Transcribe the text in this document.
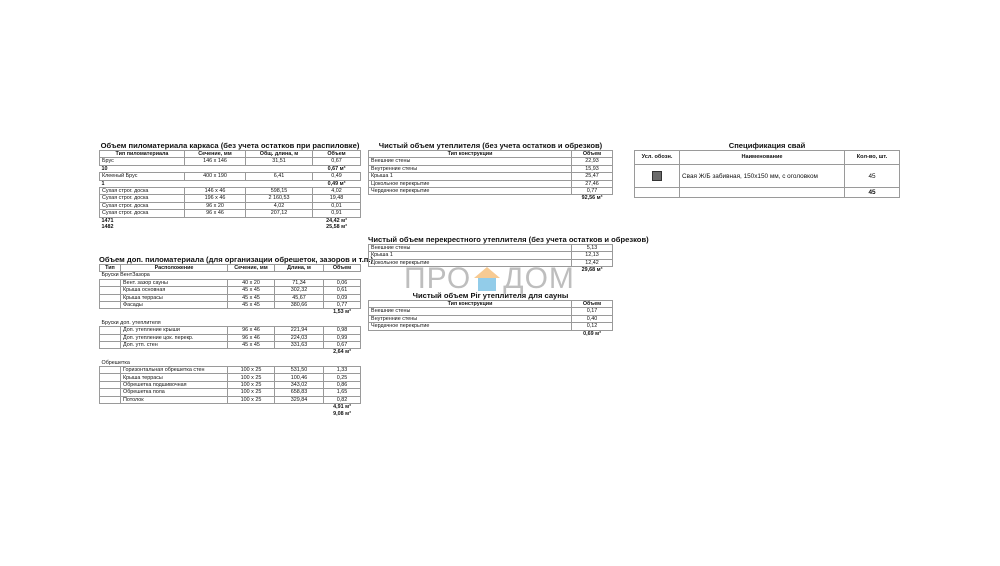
Объем пиломатериала каркаса (без учета остатков при распиловке)
Тип пиломатериала	Сечение, мм	Общ. длина, м	Объем
Брус	146 x 146	31,51	0,67
10			0,67 м³
Клееный Брус	400 x 190	6,41	0,49
1			0,49 м³
Сухая строг. доска	146 x 46	598,15	4,02
Сухая строг. доска	196 x 46	2 160,53	19,48
Сухая строг. доска	96 x 20	4,02	0,01
Сухая строг. доска	96 x 46	207,12	0,91
1471			24,42 м³
1482			25,58 м³
Объем доп. пиломатериала (для организации обрешеток, зазоров и т.п.)
Тип	Расположение	Сечение, мм	Длина, м	Объем
Бруски ВентЗазора				
	Вент. зазор сауны	40 x 20	71,34	0,06
	Крыша основная	45 x 45	302,32	0,61
	Крыша террасы	45 x 45	45,67	0,09
	Фасады	45 x 45	380,66	0,77
				1,53 м³

Бруски доп. утеплителя				
	Доп. утепление крыши	96 x 46	221,94	0,98
	Доп. утепление цок. перекр.	96 x 46	224,03	0,99
	Доп. утп. стен	45 x 45	331,63	0,67
				2,64 м³

Обрешетка				
	Горизонтальная обрешетка стен	100 x 25	531,50	1,33
	Крыша террасы	100 x 25	100,46	0,25
	Обрешетка подшивочная	100 x 25	343,02	0,86
	Обрешетка пола	100 x 25	658,83	1,65
	Потолок	100 x 25	329,84	0,82
				4,91 м³
				9,08 м³
Чистый объем утеплителя (без учета остатков и обрезков)
Тип конструкции	Объем
Внешние стены	22,93
Внутренние стены	15,93
Крыша 1	25,47
Цокольное перекрытие	27,46
Чердачное перекрытие	0,77
	92,56 м³
Чистый объем перекрестного утеплителя (без учета остатков и обрезков)
Внешние стены	5,13
Крыша 1	12,13
Цокольное перекрытие	12,42
	29,68 м³
Чистый объем Pir утеплителя для сауны
Тип конструкции	Объем
Внешние стены	0,17
Внутренние стены	0,40
Чердачное перекрытие	0,12
	0,69 м³
Спецификация свай
Усл. обозн.	Наименование	Кол-во, шт.
	Свая Ж/Б забивная, 150x150 мм, с оголовком	45
		45
ПРО ДОМ
